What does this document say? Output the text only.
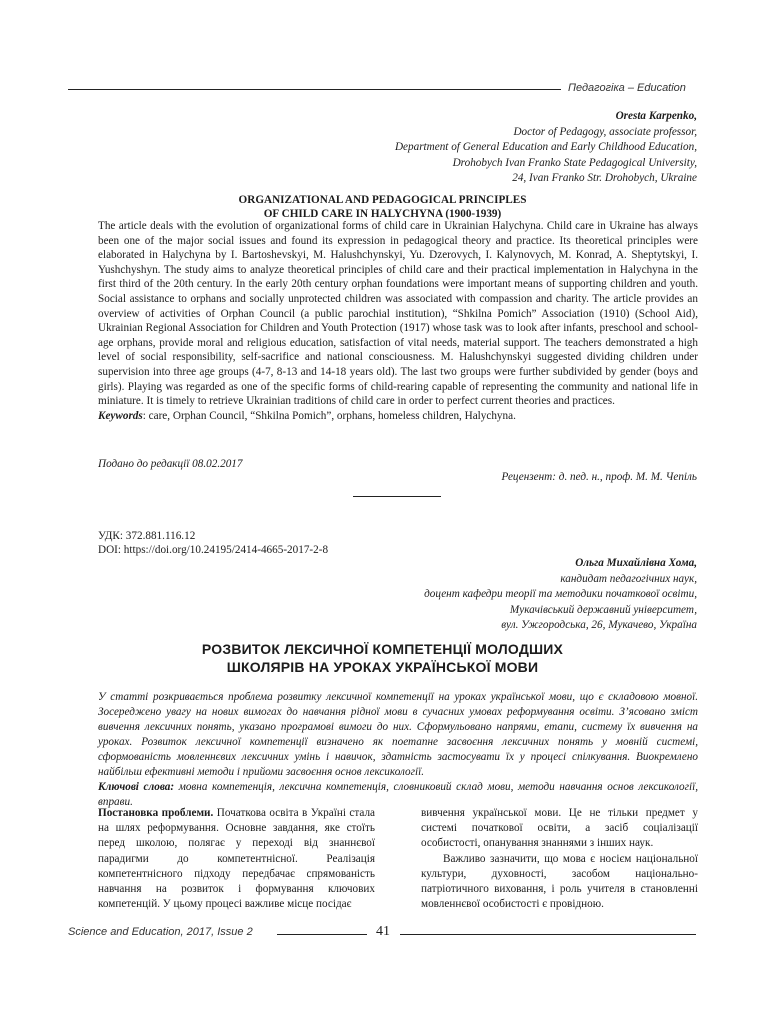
Педагогіка – Education
Oresta Karpenko,
Doctor of Pedagogy, associate professor,
Department of General Education and Early Childhood Education,
Drohobych Ivan Franko State Pedagogical University,
24, Ivan Franko Str. Drohobych, Ukraine
ORGANIZATIONAL AND PEDAGOGICAL PRINCIPLES
OF CHILD CARE IN HALYCHYNA (1900-1939)

The article deals with the evolution of organizational forms of child care in Ukrainian Halychyna. Child care in Ukraine has always been one of the major social issues and found its expression in pedagogical theory and practice. Its theoretical principles were elaborated in Halychyna by I. Bartoshevskyi, M. Halushchynskyi, Yu. Dzerovych, I. Kalynovych, M. Konrad, A. Sheptytskyi, I. Yushchyshyn. The study aims to analyze theoretical principles of child care and their practical implementation in Halychyna in the first third of the 20th century. In the early 20th century orphan foundations were important means of supporting children and youth. Social assistance to orphans and socially unprotected children was associated with compassion and charity. The article provides an overview of activities of Orphan Council (a public parochial institution), “Shkilna Pomich” Association (1910) (School Aid), Ukrainian Regional Association for Children and Youth Protection (1917) whose task was to look after infants, preschool and school-age orphans, provide moral and religious education, satisfaction of vital needs, material support. The teachers demonstrated a high level of social responsibility, self-sacrifice and national consciousness. M. Halushchynskyi suggested dividing children under supervision into three age groups (4-7, 8-13 and 14-18 years old). The last two groups were further subdivided by gender (boys and girls). Playing was regarded as one of the specific forms of child-rearing capable of representing the community and national life in miniature. It is timely to retrieve Ukrainian traditions of child care in order to perfect current theories and practices.

Keywords: care, Orphan Council, “Shkilna Pomich”, orphans, homeless children, Halychyna.

Подано до редакції 08.02.2017
Рецензент: д. пед. н., проф. М. М. Чепіль
УДК: 372.881.116.12
DOI: https://doi.org/10.24195/2414-4665-2017-2-8
Ольга Михайлівна Хома,
кандидат педагогічних наук,
доцент кафедри теорії та методики початкової освіти,
Мукачівський державний університет,
вул. Ужгородська, 26, Мукачево, Україна
РОЗВИТОК ЛЕКСИЧНОЇ КОМПЕТЕНЦІЇ МОЛОДШИХ
ШКОЛЯРІВ НА УРОКАХ УКРАЇНСЬКОЇ МОВИ

У статті розкривається проблема розвитку лексичної компетенції на уроках української мови, що є складовою мовної. Зосереджено увагу на нових вимогах до навчання рідної мови в сучасних умовах реформування освіти. З’ясовано зміст вивчення лексичних понять, указано програмові вимоги до них. Сформульовано напрями, етапи, систему їх вивчення на уроках. Розвиток лексичної компетенції визначено як поетапне засвоєння лексичних понять у мовній системі, сформованість мовленнєвих лексичних умінь і навичок, здатність застосувати їх у процесі спілкування. Виокремлено найбільш ефективні методи і прийоми засвоєння основ лексикології.

Ключові слова: мовна компетенція, лексична компетенція, словниковий склад мови, методи навчання основ лексикології, вправи.

Постановка проблеми. Початкова освіта в Україні стала на шлях реформування. Основне завдання, яке стоїть перед школою, полягає у переході від знаннєвої парадигми до компетентнісної. Реалізація компетентнісного підходу передбачає спрямованість навчання на розвиток і формування ключових компетенцій. У цьому процесі важливе місце посідає

вивчення української мови. Це не тільки предмет у системі початкової освіти, а засіб соціалізації особистості, опанування знаннями з інших наук.

Важливо зазначити, що мова є носієм національної культури, духовності, засобом національно-патріотичного виховання, і роль учителя в становленні мовленнєвої особистості є провідною.

Science and Education, 2017, Issue 2	41
